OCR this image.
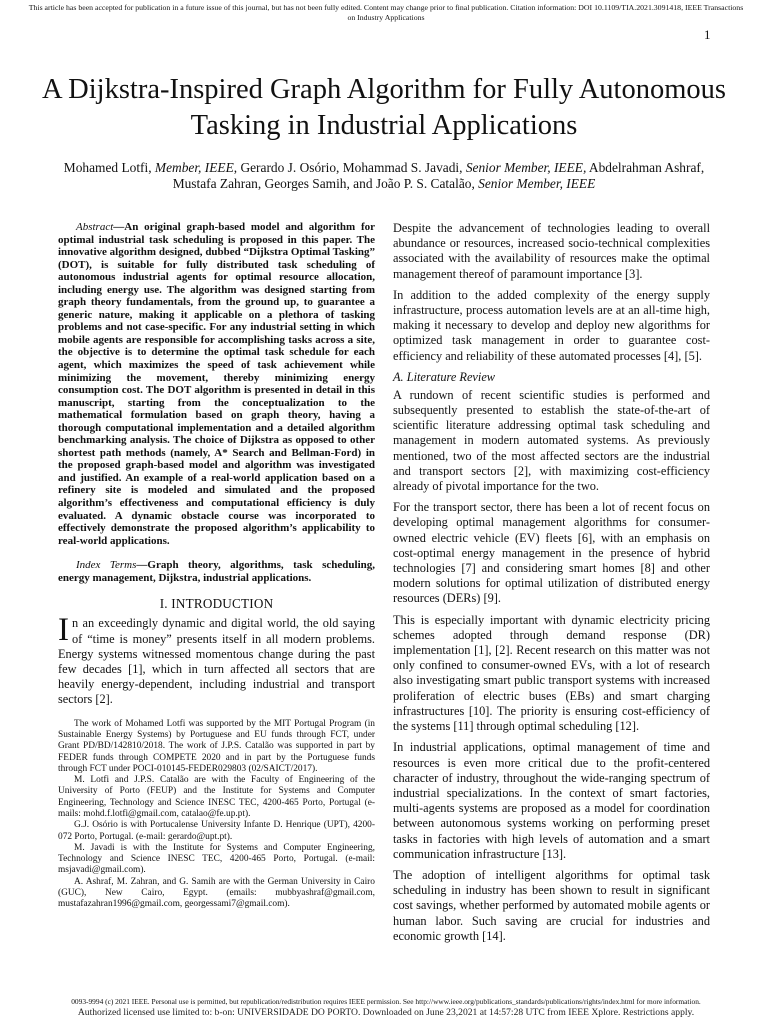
This article has been accepted for publication in a future issue of this journal, but has not been fully edited. Content may change prior to final publication. Citation information: DOI 10.1109/TIA.2021.3091418, IEEE Transactions on Industry Applications
1
A Dijkstra-Inspired Graph Algorithm for Fully Autonomous Tasking in Industrial Applications
Mohamed Lotfi, Member, IEEE, Gerardo J. Osório, Mohammad S. Javadi, Senior Member, IEEE, Abdelrahman Ashraf, Mustafa Zahran, Georges Samih, and João P. S. Catalão, Senior Member, IEEE

Abstract—An original graph-based model and algorithm for optimal industrial task scheduling is proposed in this paper. The innovative algorithm designed, dubbed “Dijkstra Optimal Tasking” (DOT), is suitable for fully distributed task scheduling of autonomous industrial agents for optimal resource allocation, including energy use. The algorithm was designed starting from graph theory fundamentals, from the ground up, to guarantee a generic nature, making it applicable on a plethora of tasking problems and not case-specific. For any industrial setting in which mobile agents are responsible for accomplishing tasks across a site, the objective is to determine the optimal task schedule for each agent, which maximizes the speed of task achievement while minimizing the movement, thereby minimizing energy consumption cost. The DOT algorithm is presented in detail in this manuscript, starting from the conceptualization to the mathematical formulation based on graph theory, having a thorough computational implementation and a detailed algorithm benchmarking analysis. The choice of Dijkstra as opposed to other shortest path methods (namely, A* Search and Bellman-Ford) in the proposed graph-based model and algorithm was investigated and justified. An example of a real-world application based on a refinery site is modeled and simulated and the proposed algorithm’s effectiveness and computational efficiency is duly evaluated. A dynamic obstacle course was incorporated to effectively demonstrate the proposed algorithm’s applicability to real-world applications.

Index Terms—Graph theory, algorithms, task scheduling, energy management, Dijkstra, industrial applications.

I. INTRODUCTION

In an exceedingly dynamic and digital world, the old saying of “time is money” presents itself in all modern problems. Energy systems witnessed momentous change during the past few decades [1], which in turn affected all sectors that are heavily energy-dependent, including industrial and transport sectors [2].

The work of Mohamed Lotfi was supported by the MIT Portugal Program (in Sustainable Energy Systems) by Portuguese and EU funds through FCT, under Grant PD/BD/142810/2018. The work of J.P.S. Catalão was supported in part by FEDER funds through COMPETE 2020 and in part by the Portuguese funds through FCT under POCI-010145-FEDER029803 (02/SAICT/2017).

M. Lotfi and J.P.S. Catalão are with the Faculty of Engineering of the University of Porto (FEUP) and the Institute for Systems and Computer Engineering, Technology and Science INESC TEC, 4200-465 Porto, Portugal (e-mails: mohd.f.lotfi@gmail.com, catalao@fe.up.pt).

G.J. Osório is with Portucalense University Infante D. Henrique (UPT), 4200-072 Porto, Portugal. (e-mail: gerardo@upt.pt).

M. Javadi is with the Institute for Systems and Computer Engineering, Technology and Science INESC TEC, 4200-465 Porto, Portugal. (e-mail: msjavadi@gmail.com).

A. Ashraf, M. Zahran, and G. Samih are with the German University in Cairo (GUC), New Cairo, Egypt. (emails: mubbyashraf@gmail.com, mustafazahran1996@gmail.com, georgessami7@gmail.com).

Despite the advancement of technologies leading to overall abundance or resources, increased socio-technical complexities associated with the availability of resources make the optimal management thereof of paramount importance [3].

In addition to the added complexity of the energy supply infrastructure, process automation levels are at an all-time high, making it necessary to develop and deploy new algorithms for optimized task management in order to guarantee cost-efficiency and reliability of these automated processes [4], [5].

A. Literature Review

A rundown of recent scientific studies is performed and subsequently presented to establish the state-of-the-art of scientific literature addressing optimal task scheduling and management in modern automated systems. As previously mentioned, two of the most affected sectors are the industrial and transport sectors [2], with maximizing cost-efficiency already of pivotal importance for the two.

For the transport sector, there has been a lot of recent focus on developing optimal management algorithms for consumer-owned electric vehicle (EV) fleets [6], with an emphasis on cost-optimal energy management in the presence of hybrid technologies [7] and considering smart homes [8] and other modern solutions for optimal utilization of distributed energy resources (DERs) [9].

This is especially important with dynamic electricity pricing schemes adopted through demand response (DR) implementation [1], [2]. Recent research on this matter was not only confined to consumer-owned EVs, with a lot of research also investigating smart public transport systems with increased proliferation of electric buses (EBs) and smart charging infrastructures [10]. The priority is ensuring cost-efficiency of the systems [11] through optimal scheduling [12].

In industrial applications, optimal management of time and resources is even more critical due to the profit-centered character of industry, throughout the wide-ranging spectrum of industrial specializations. In the context of smart factories, multi-agents systems are proposed as a model for coordination between autonomous systems working on performing preset tasks in factories with high levels of automation and a smart communication infrastructure [13].

The adoption of intelligent algorithms for optimal task scheduling in industry has been shown to result in significant cost savings, whether performed by automated mobile agents or human labor. Such saving are crucial for industries and economic growth [14].

0093-9994 (c) 2021 IEEE. Personal use is permitted, but republication/redistribution requires IEEE permission. See http://www.ieee.org/publications_standards/publications/rights/index.html for more information.
Authorized licensed use limited to: b-on: UNIVERSIDADE DO PORTO. Downloaded on June 23,2021 at 14:57:28 UTC from IEEE Xplore. Restrictions apply.
